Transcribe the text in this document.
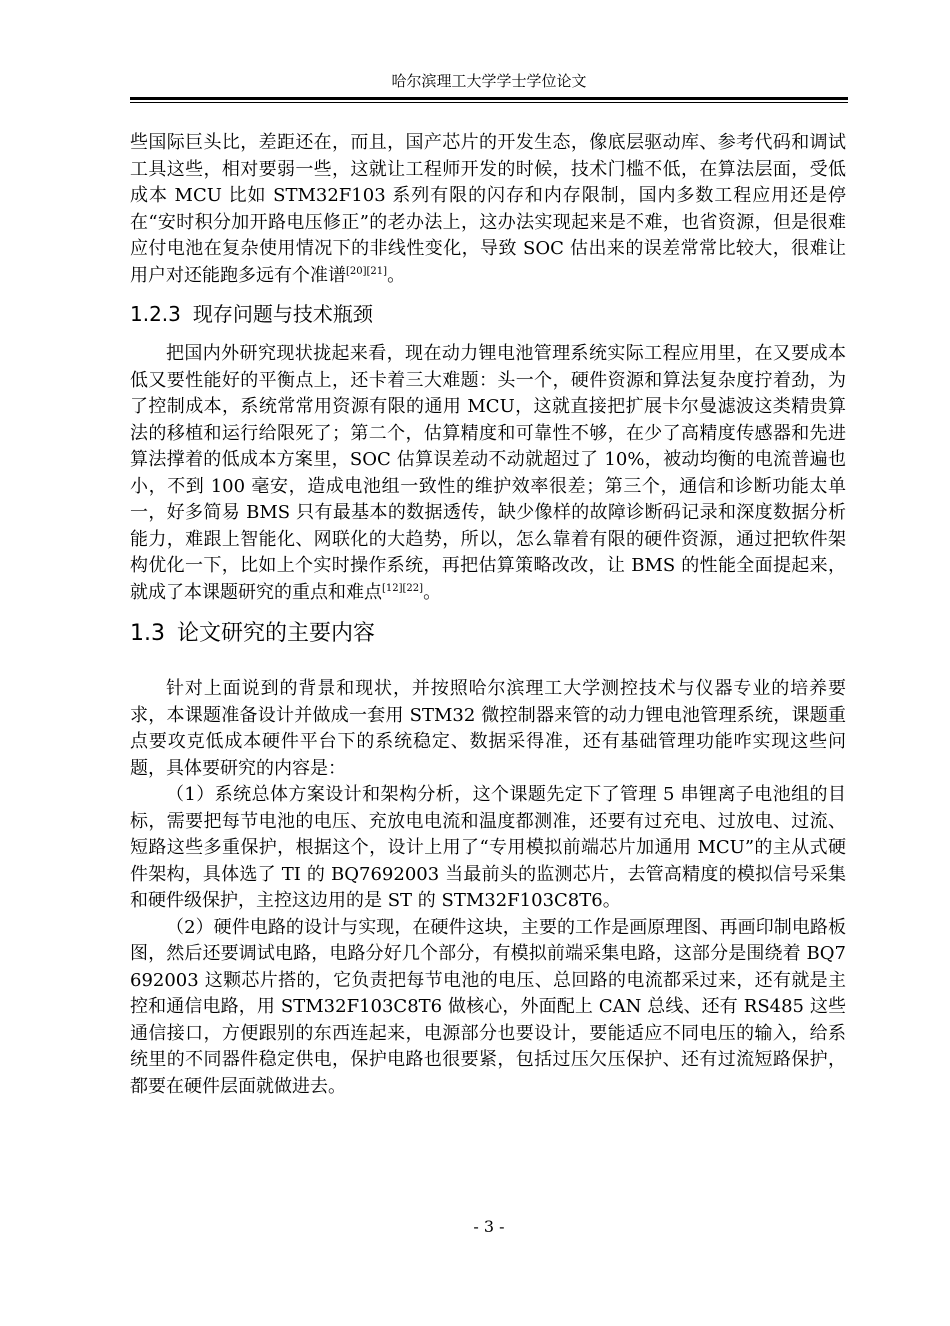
哈尔滨理工大学学士学位论文

些国际巨头比，差距还在，而且，国产芯片的开发生态，像底层驱动库、参考代码和调试工具这些，相对要弱一些，这就让工程师开发的时候，技术门槛不低，在算法层面，受低成本 MCU 比如 STM32F103 系列有限的闪存和内存限制，国内多数工程应用还是停在“安时积分加开路电压修正”的老办法上，这办法实现起来是不难，也省资源，但是很难应付电池在复杂使用情况下的非线性变化，导致 SOC 估出来的误差常常比较大，很难让用户对还能跑多远有个准谱[20][21]。

1.2.3 现存问题与技术瓶颈

把国内外研究现状拢起来看，现在动力锂电池管理系统实际工程应用里，在又要成本低又要性能好的平衡点上，还卡着三大难题：头一个，硬件资源和算法复杂度拧着劲，为了控制成本，系统常常用资源有限的通用 MCU，这就直接把扩展卡尔曼滤波这类精贵算法的移植和运行给限死了；第二个，估算精度和可靠性不够，在少了高精度传感器和先进算法撑着的低成本方案里，SOC 估算误差动不动就超过了 10%，被动均衡的电流普遍也小，不到 100 毫安，造成电池组一致性的维护效率很差；第三个，通信和诊断功能太单一，好多简易 BMS 只有最基本的数据透传，缺少像样的故障诊断码记录和深度数据分析能力，难跟上智能化、网联化的大趋势，所以，怎么靠着有限的硬件资源，通过把软件架构优化一下，比如上个实时操作系统，再把估算策略改改，让 BMS 的性能全面提起来，就成了本课题研究的重点和难点[12][22]。

1.3 论文研究的主要内容

针对上面说到的背景和现状，并按照哈尔滨理工大学测控技术与仪器专业的培养要求，本课题准备设计并做成一套用 STM32 微控制器来管的动力锂电池管理系统，课题重点要攻克低成本硬件平台下的系统稳定、数据采得准，还有基础管理功能咋实现这些问题，具体要研究的内容是：

（1）系统总体方案设计和架构分析，这个课题先定下了管理 5 串锂离子电池组的目标，需要把每节电池的电压、充放电电流和温度都测准，还要有过充电、过放电、过流、短路这些多重保护，根据这个，设计上用了“专用模拟前端芯片加通用 MCU”的主从式硬件架构，具体选了 TI 的 BQ7692003 当最前头的监测芯片，去管高精度的模拟信号采集和硬件级保护，主控这边用的是 ST 的 STM32F103C8T6。

（2）硬件电路的设计与实现，在硬件这块，主要的工作是画原理图、再画印制电路板图，然后还要调试电路，电路分好几个部分，有模拟前端采集电路，这部分是围绕着 BQ7692003 这颗芯片搭的，它负责把每节电池的电压、总回路的电流都采过来，还有就是主控和通信电路，用 STM32F103C8T6 做核心，外面配上 CAN 总线、还有 RS485 这些通信接口，方便跟别的东西连起来，电源部分也要设计，要能适应不同电压的输入，给系统里的不同器件稳定供电，保护电路也很要紧，包括过压欠压保护、还有过流短路保护，都要在硬件层面就做进去。

- 3 -
